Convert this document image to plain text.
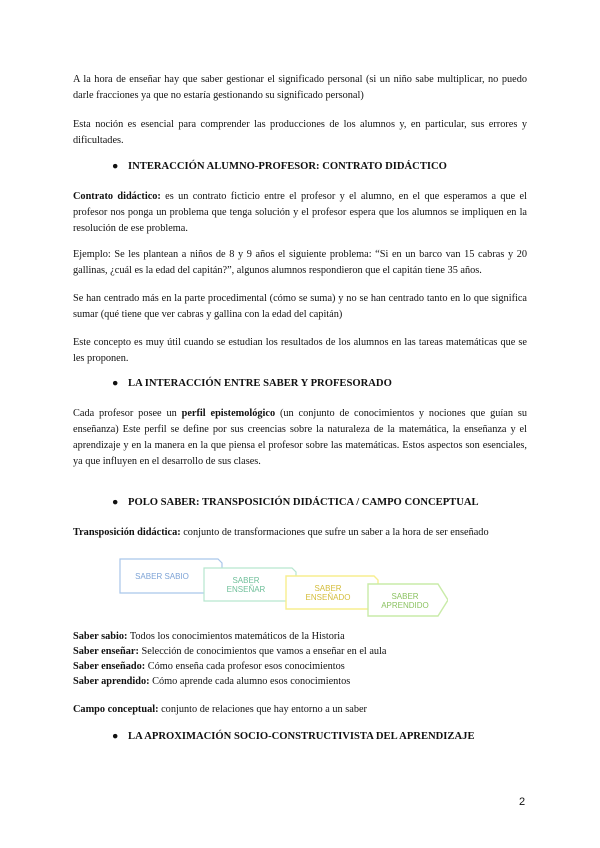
A la hora de enseñar hay que saber gestionar el significado personal (si un niño sabe multiplicar, no puedo darle fracciones ya que no estaría gestionando su significado personal)
Esta noción es esencial para comprender las producciones de los alumnos y, en particular, sus errores y dificultades.
● INTERACCIÓN ALUMNO-PROFESOR: CONTRATO DIDÁCTICO
Contrato didáctico: es un contrato ficticio entre el profesor y el alumno, en el que esperamos a que el profesor nos ponga un problema que tenga solución y el profesor espera que los alumnos se impliquen en la resolución de ese problema.
Ejemplo: Se les plantean a niños de 8 y 9 años el siguiente problema: “Si en un barco van 15 cabras y 20 gallinas, ¿cuál es la edad del capitán?”, algunos alumnos respondieron que el capitán tiene 35 años.
Se han centrado más en la parte procedimental (cómo se suma) y no se han centrado tanto en lo que significa sumar (qué tiene que ver cabras y gallina con la edad del capitán)
Este concepto es muy útil cuando se estudian los resultados de los alumnos en las tareas matemáticas que se les proponen.
● LA INTERACCIÓN ENTRE SABER Y PROFESORADO
Cada profesor posee un perfil epistemológico (un conjunto de conocimientos y nociones que guían su enseñanza) Este perfil se define por sus creencias sobre la naturaleza de la matemática, la enseñanza y el aprendizaje y en la manera en la que piensa el profesor sobre las matemáticas. Estos aspectos son esenciales, ya que influyen en el desarrollo de sus clases.
● POLO SABER: TRANSPOSICIÓN DIDÁCTICA / CAMPO CONCEPTUAL
Transposición didáctica: conjunto de transformaciones que sufre un saber a la hora de ser enseñado
SABER SABIO	SABER ENSEÑAR	SABER ENSEÑADO	SABER APRENDIDO
Saber sabio: Todos los conocimientos matemáticos de la Historia
Saber enseñar: Selección de conocimientos que vamos a enseñar en el aula
Saber enseñado: Cómo enseña cada profesor esos conocimientos
Saber aprendido: Cómo aprende cada alumno esos conocimientos
Campo conceptual: conjunto de relaciones que hay entorno a un saber
● LA APROXIMACIÓN SOCIO-CONSTRUCTIVISTA DEL APRENDIZAJE
2
